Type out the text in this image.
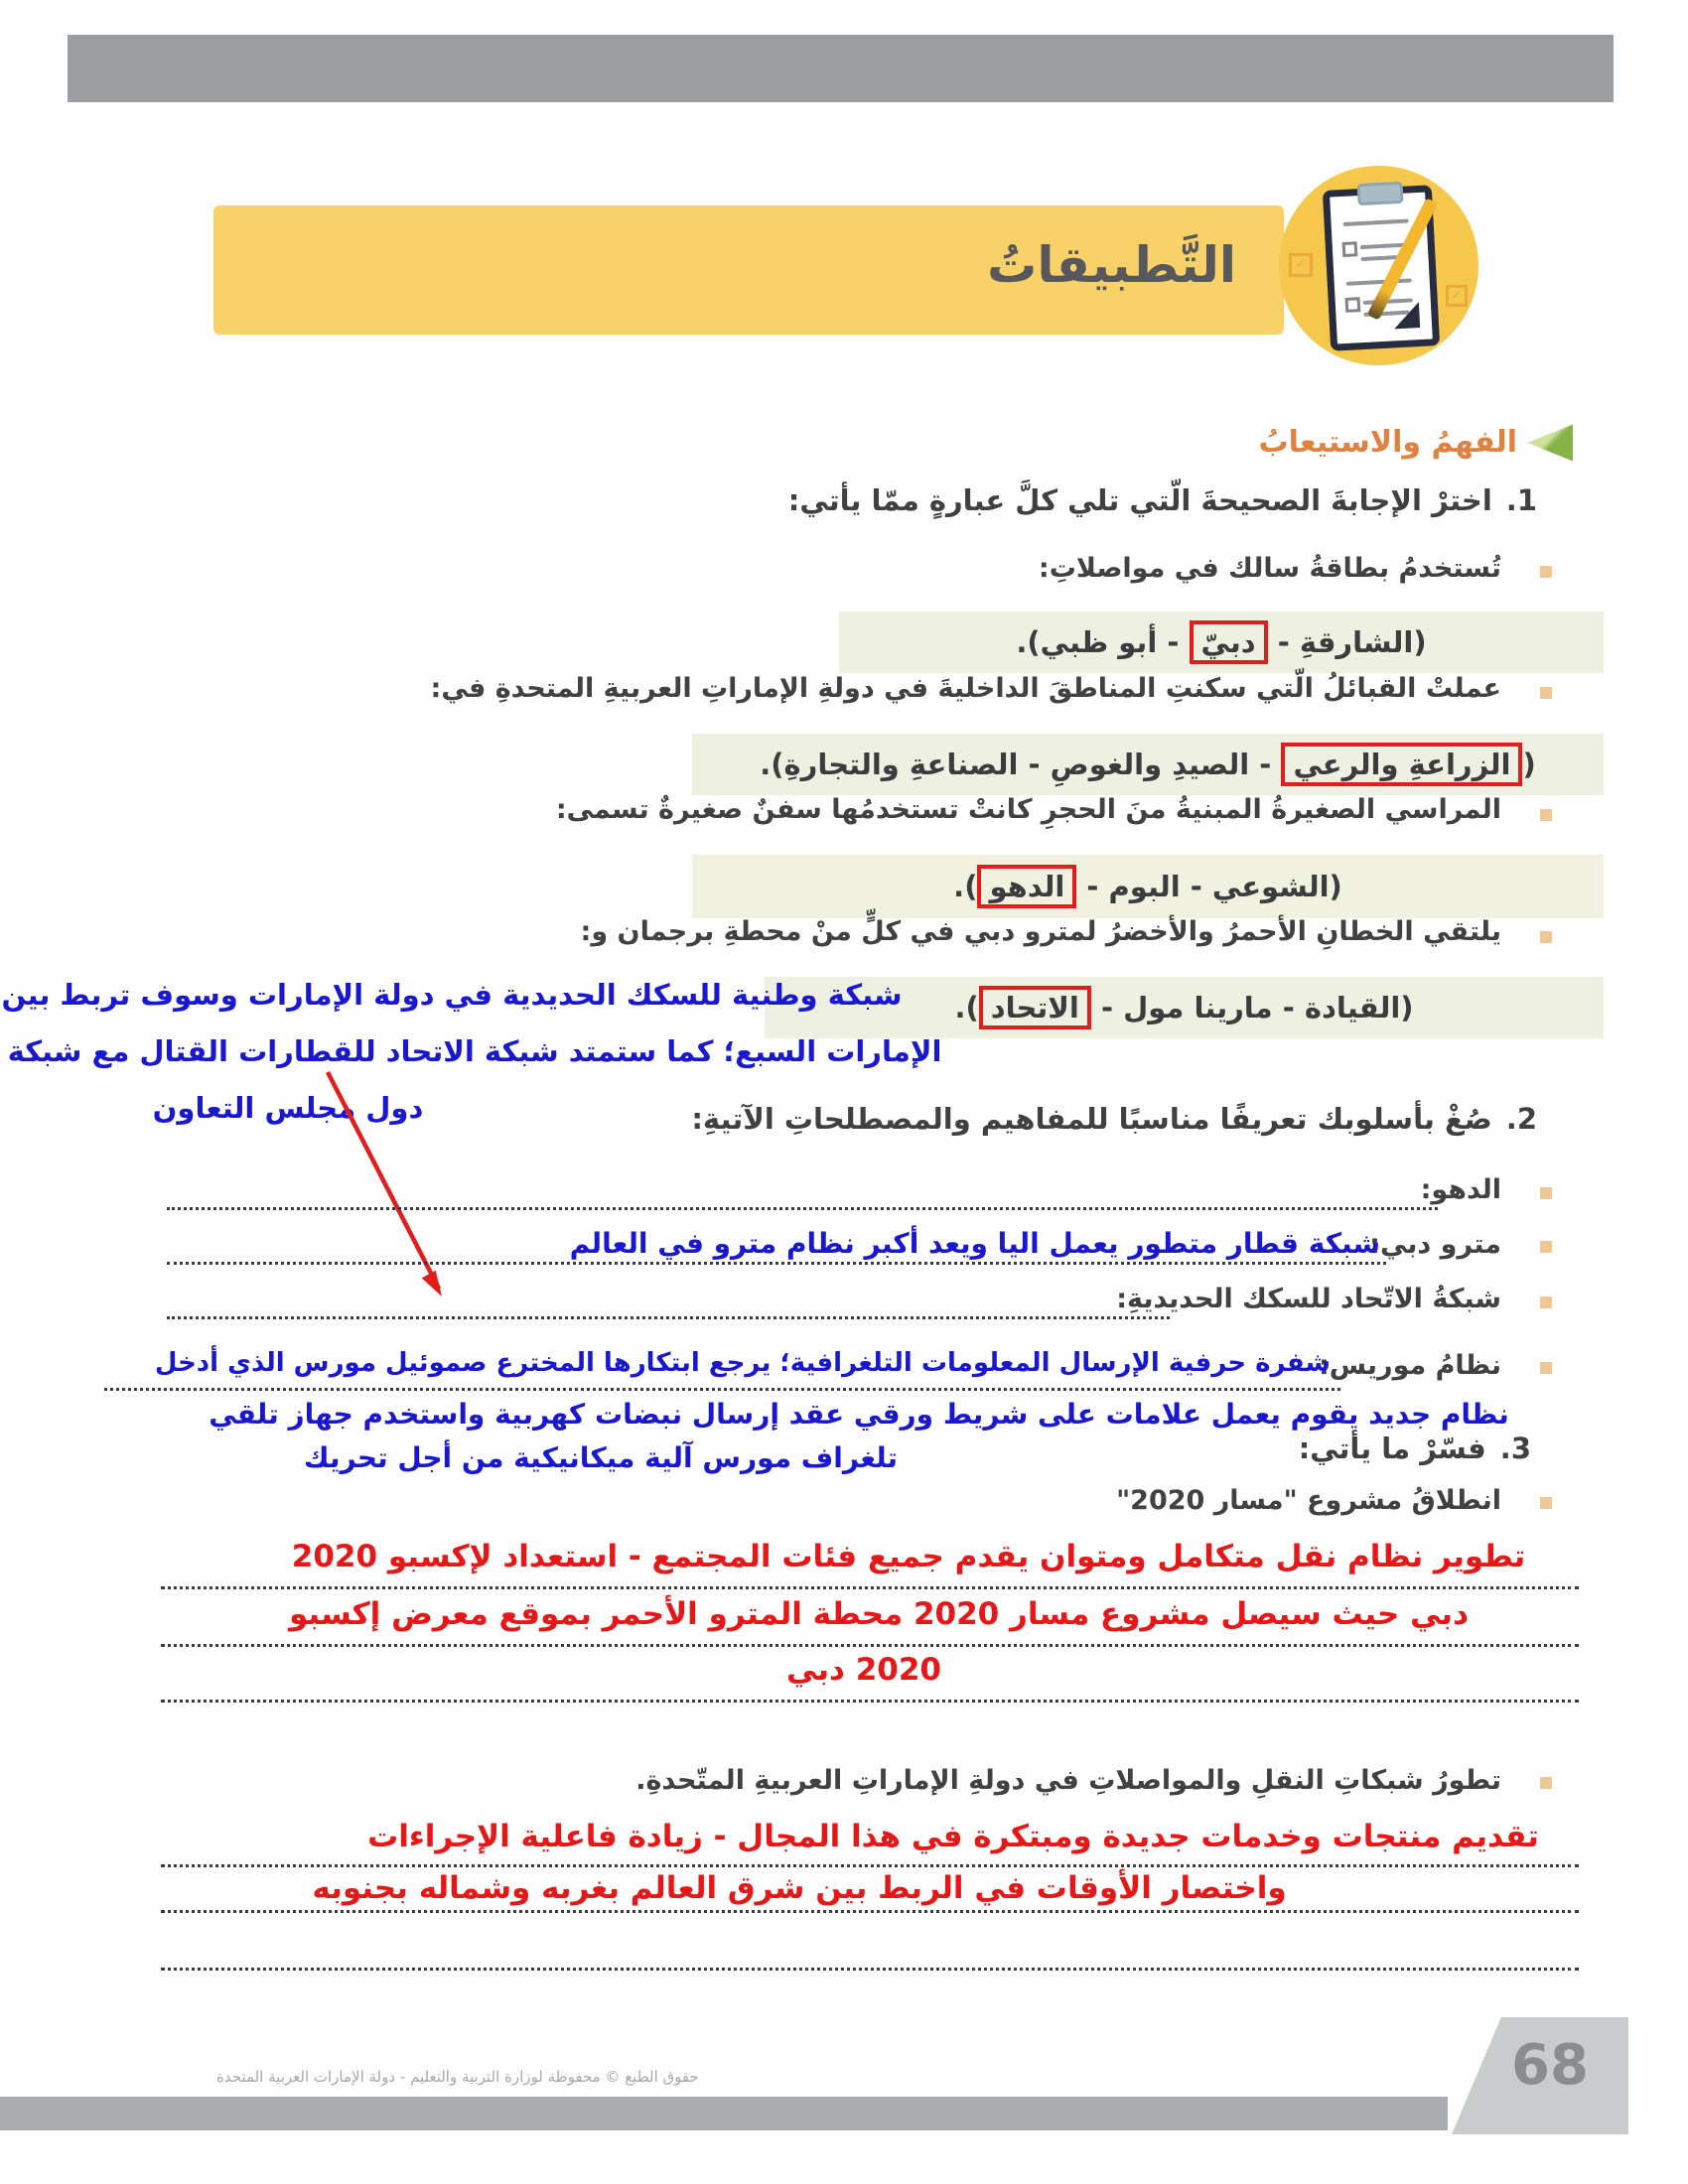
التَّطبيقاتُ	✓
✓
الفهمُ والاستيعابُ
1.اخترْ الإجابةَ الصحيحةَ الّتي تلي كلَّ عبارةٍ ممّا يأتي:
تُستخدمُ بطاقةُ سالك في مواصلاتِ:
(الشارقةِ - دبيّ - أبو ظبي).
عملتْ القبائلُ الّتي سكنتِ المناطقَ الداخليةَ في دولةِ الإماراتِ العربيةِ المتحدةِ في:
(الزراعةِ والرعي - الصيدِ والغوصِ - الصناعةِ والتجارةِ).
المراسي الصغيرةُ المبنيةُ منَ الحجرِ كانتْ تستخدمُها سفنٌ صغيرةٌ تسمى:
(الشوعي - البوم - الدهو).
يلتقي الخطانِ الأحمرُ والأخضرُ لمترو دبي في كلٍّ منْ محطةِ برجمان و:
(القيادة - مارينا مول - الاتحاد).
شبكة وطنية للسكك الحديدية في دولة الإمارات وسوف تربط بين
الإمارات السبع؛ كما ستمتد شبكة الاتحاد للقطارات القتال مع شبكة
دول مجلس التعاون	2.صُغْ بأسلوبك تعريفًا مناسبًا للمفاهيم والمصطلحاتِ الآتيةِ:
الدهو:
مترو دبي:
شبكة قطار متطور يعمل اليا ويعد أكبر نظام مترو في العالم
شبكةُ الاتّحاد للسكك الحديديةِ:
نظامُ موريس:
شفرة حرفية الإرسال المعلومات التلغرافية؛ يرجع ابتكارها المخترع صموئيل مورس الذي أدخل
نظام جديد يقوم يعمل علامات على شريط ورقي عقد إرسال نبضات كهربية واستخدم جهاز تلقي
تلغراف مورس آلية ميكانيكية من أجل تحريك	3.فسّرْ ما يأتي:
انطلاقُ مشروع "مسار 2020"
تطوير نظام نقل متكامل ومتوان يقدم جميع فئات المجتمع - استعداد لإكسبو 2020
دبي حيث سيصل مشروع مسار 2020 محطة المترو الأحمر بموقع معرض إكسبو
2020 دبي
تطورُ شبكاتِ النقلِ والمواصلاتِ في دولةِ الإماراتِ العربيةِ المتّحدةِ.
تقديم منتجات وخدمات جديدة ومبتكرة في هذا المجال - زيادة فاعلية الإجراءات
واختصار الأوقات في الربط بين شرق العالم بغربه وشماله بجنوبه
حقوق الطبع © محفوظة لوزارة التربية والتعليم - دولة الإمارات العربية المتحدة	68
